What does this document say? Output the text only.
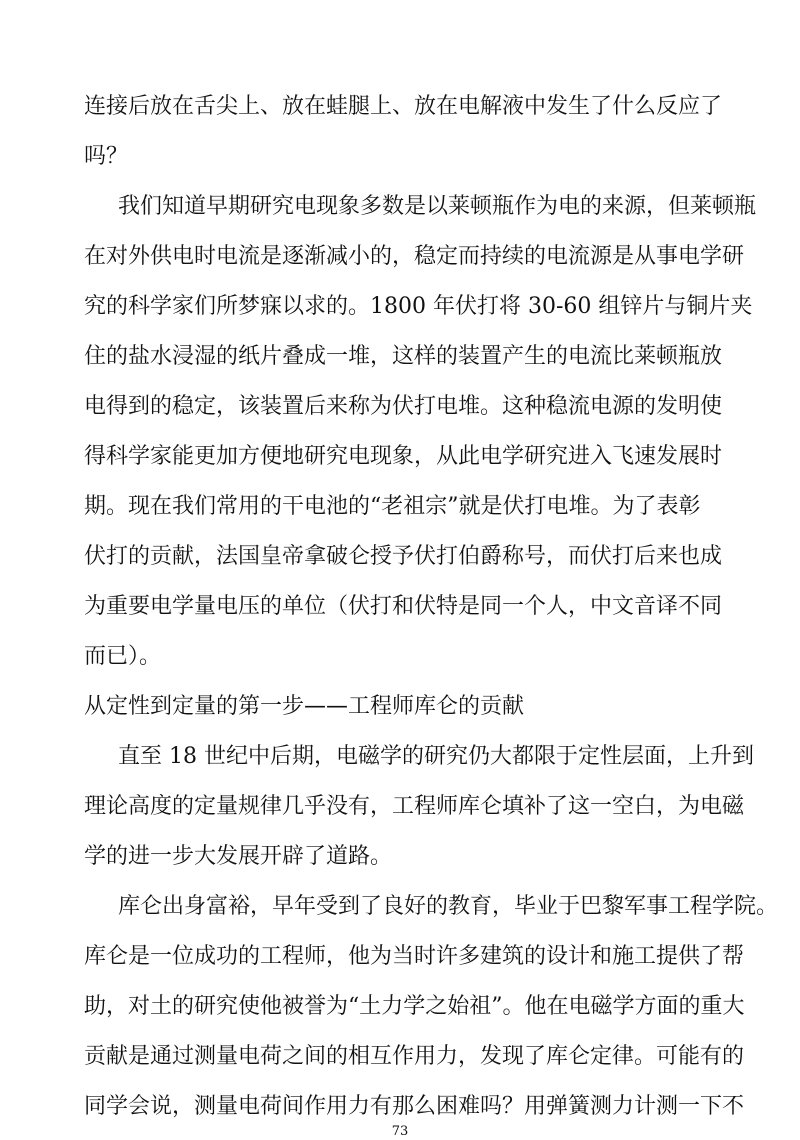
连接后放在舌尖上、放在蛙腿上、放在电解液中发生了什么反应了
吗？
我们知道早期研究电现象多数是以莱顿瓶作为电的来源，但莱顿瓶
在对外供电时电流是逐渐减小的，稳定而持续的电流源是从事电学研
究的科学家们所梦寐以求的。1800 年伏打将 30-60 组锌片与铜片夹
住的盐水浸湿的纸片叠成一堆，这样的装置产生的电流比莱顿瓶放
电得到的稳定，该装置后来称为伏打电堆。这种稳流电源的发明使
得科学家能更加方便地研究电现象，从此电学研究进入飞速发展时
期。现在我们常用的干电池的“老祖宗”就是伏打电堆。为了表彰
伏打的贡献，法国皇帝拿破仑授予伏打伯爵称号，而伏打后来也成
为重要电学量电压的单位（伏打和伏特是同一个人，中文音译不同
而已）。
从定性到定量的第一步——工程师库仑的贡献
直至 18 世纪中后期，电磁学的研究仍大都限于定性层面，上升到
理论高度的定量规律几乎没有，工程师库仑填补了这一空白，为电磁
学的进一步大发展开辟了道路。
库仑出身富裕，早年受到了良好的教育，毕业于巴黎军事工程学院。
库仑是一位成功的工程师，他为当时许多建筑的设计和施工提供了帮
助，对土的研究使他被誉为“土力学之始祖”。他在电磁学方面的重大
贡献是通过测量电荷之间的相互作用力，发现了库仑定律。可能有的
同学会说，测量电荷间作用力有那么困难吗？用弹簧测力计测一下不
73
